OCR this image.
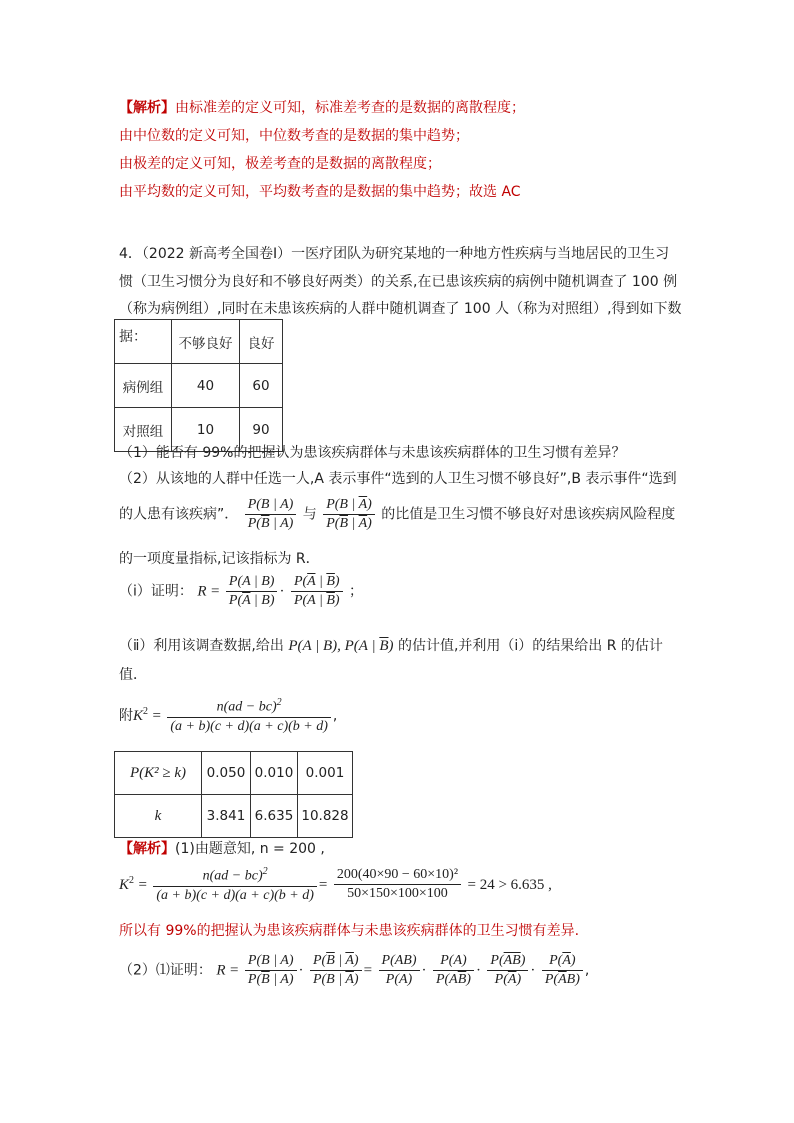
【解析】由标准差的定义可知，标准差考查的是数据的离散程度；
由中位数的定义可知，中位数考查的是数据的集中趋势；
由极差的定义可知，极差考查的是数据的离散程度；
由平均数的定义可知，平均数考查的是数据的集中趋势；故选 AC
4．（2022 新高考全国卷Ⅰ）一医疗团队为研究某地的一种地方性疾病与当地居民的卫生习
惯（卫生习惯分为良好和不够良好两类）的关系,在已患该疾病的病例中随机调查了 100 例
（称为病例组）,同时在未患该疾病的人群中随机调查了 100 人（称为对照组）,得到如下数
据：
	不够良好	良好
病例组	40	60
对照组	10	90
（1）能否有 99%的把握认为患该疾病群体与未患该疾病群体的卫生习惯有差异？
（2）从该地的人群中任选一人,A 表示事件“选到的人卫生习惯不够良好”,B 表示事件“选到
的人患有该疾病”． $\frac{P(B | A)}{P(\overline{B} | A)}$ 与 $\frac{P(B | \overline{A})}{P(\overline{B} | \overline{A})}$ 的比值是卫生习惯不够良好对患该疾病风险程度
的一项度量指标,记该指标为 R．
（ⅰ）证明： $R = \frac{P(A | B)}{P(\overline{A} | B)} \cdot \frac{P(\overline{A} | \overline{B})}{P(A | \overline{B})}$ ；
（ⅱ）利用该调查数据,给出 P(A | B), P(A | $\overline{B}$) 的估计值,并利用（ⅰ）的结果给出 R 的估计
值．
附$K^2 = \frac{n(ad - bc)^2}{(a + b)(c + d)(a + c)(b + d)}$ ,
P(K² ≥ k)	0.050	0.010	0.001
k	3.841	6.635	10.828
【解析】(1)由题意知, n = 200 ,
$K^2 = \frac{n(ad - bc)^2}{(a + b)(c + d)(a + c)(b + d)} = \frac{\text{200(40×90 − 60×10)²}}{50\times 150\times 100\times 100} = 24 > 6.635$ ,
所以有 99%的把握认为患该疾病群体与未患该疾病群体的卫生习惯有差异.
（2）⑴证明： $R = \frac{P(B | A)}{P(\overline{B} | A)} \cdot \frac{P(\overline{B} | \overline{A})}{P(B | \overline{A})} = \frac{P(AB)}{P(A)} \cdot \frac{P(A)}{P(A\overline{B})} \cdot \frac{P(\overline{AB})}{P(\overline{A})} \cdot \frac{P(\overline{A})}{P(\overline{A}B)}$ ,
